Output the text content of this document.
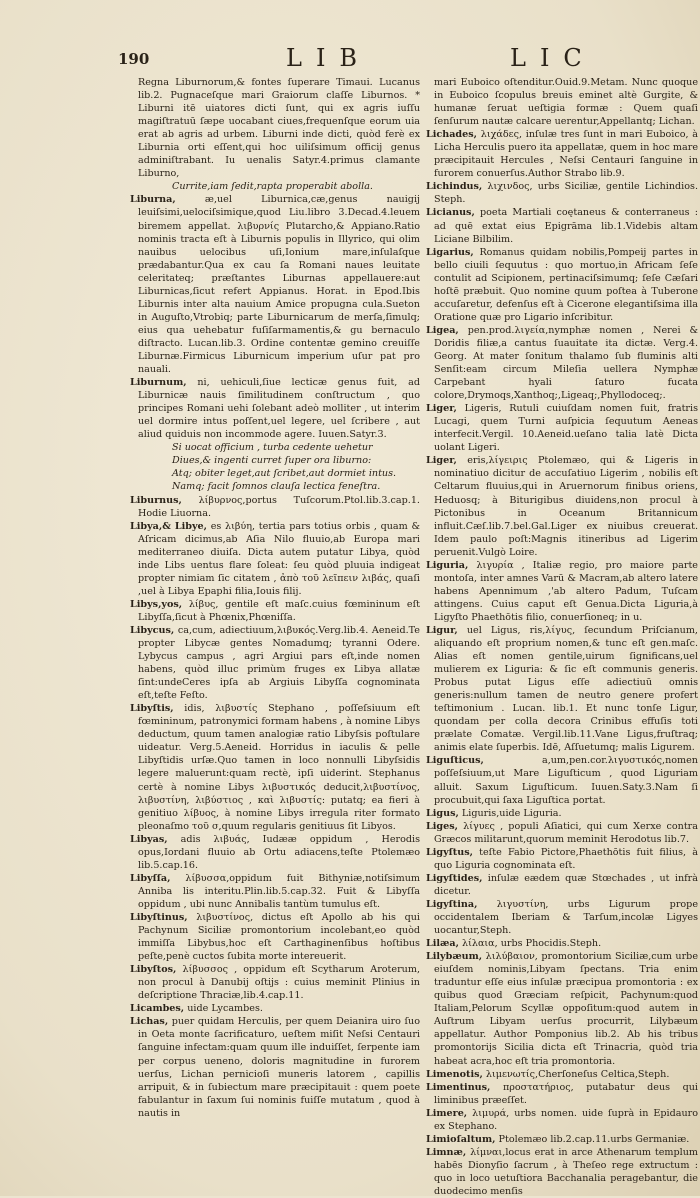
190	LIB	LIC

Regna Liburnorum,& fontes ſuperare Timaui. Lucanus lib.2. Pugnaceſque mari Graiorum claſſe Liburnos. * Liburni itē uiatores dicti ſunt, qui ex agris iuſſu magiſtratuū ſæpe uocabant ciues,frequenſque eorum uia erat ab agris ad urbem. Liburni inde dicti, quòd ferè ex Liburnia orti eſſent,qui hoc uiliſsimum officij genus adminiſtrabant. Iu uenalis Satyr.4.primus clamante Liburno,
Currite,iam ſedit,rapta properabit abolla.

Liburna,	æ,uel Liburnica,cæ,genus nauigij leuiſsimi,uelociſsimique,quod Liu.libro 3.Decad.4.leuem biremem appellat. λιβυρνίς Plutarcho,& Appiano.Ratio nominis tracta eſt à Liburnis populis in Illyrico, qui olim nauibus uelocibus uſi,Ionium mare,inſulaſque prædabantur.Qua ex cau ſa Romani naues leuitate celeritateq; præſtantes Liburnas appellauere:aut Liburnicas,ſicut refert Appianus. Horat. in Epod.Ibis Liburnis inter alta nauium Amice propugna cula.Sueton in Auguſto,Vtrobiq; parte Liburnicarum de merſa,ſimulq; eius qua uehebatur fuſiſarmamentis,& gu bernaculo diſtracto. Lucan.lib.3. Ordine contentæ gemino creuiſſe Liburnæ.Firmicus Liburnicum imperium uſur pat pro nauali.

Liburnum, ni, uehiculi,ſiue lecticæ genus fuit, ad Liburnicæ nauis ſimilitudinem conſtructum , quo principes Romani uehi ſolebant adeò molliter , ut interim uel dormire intus poſſent,uel legere, uel ſcribere , aut aliud quiduis non incommode agere. Iuuen.Satyr.3.
Si uocat officium , turba cedente uehetur
Diues,& ingenti curret ſuper ora liburno:
Atq; obiter leget,aut ſcribet,aut dormiet intus.
Namq; facit ſomnos clauſa lectica feneſtra.

Liburnus, λίβυρνος,portus Tuſcorum.Ptol.lib.3.cap.1. Hodie Liuorna.

Libya,& Libye, es λιβύη, tertia pars totius orbis , quam & Aſricam dicimus,ab Aſia Nilo fluuio,ab Europa mari mediterraneo diuiſa. Dicta autem putatur Libya, quòd inde Libs uentus flare ſoleat: ſeu quòd pluuia indigeat propter nimiam ſic citatem , ἀπὸ τοῦ λεῖπειν λιβάς, quaſi ,uel à Libya Epaphi filia,Iouis filij.

Libys,yos, λίβυς, gentile eſt maſc.cuius fœmininum eſt Libyſſa,ſicut à Phœnix,Phœniſſa.

Libycus, ca,cum, adiectiuum,λιβυκός.Verg.lib.4. Aeneid.Te propter Libycæ gentes Nomadumq; tyranni Odere. Lybycus campus , agri Argiui pars eſt,inde nomen habens, quòd illuc primùm fruges ex Libya allatæ ſint:undeCeres ipſa ab Argiuis Libyſſa cognominata eſt,teſte Feſto.

Libyſtis, idis, λιβυστίς Stephano , poſſeſsiuum eſt fœmininum, patronymici formam habens , à nomine Libys deductum, quum tamen analogiæ ratio Libyſsis poſtulare uideatur. Verg.5.Aeneid. Horridus in iaculis & pelle Libyſtidis urſæ.Quo tamen in loco nonnulli Libyſsidis legere maluerunt:quam rectè, ipſi uiderint. Stephanus certè à nomine Libys λιβυστικός deducit,λιβυστίνος, λιβυστίνη, λιβύστιος , καὶ λιβυστίς: putatq; ea fieri à genitiuo λίβυος, à nomine Libys irregula riter formato pleonaſmo τοῦ σ,quum regularis genitiuus ſit Libyos.

Libyas, adis λιβυάς, Iudææ oppidum , Herodis opus,Iordani fluuio ab Ortu adiacens,teſte Ptolemæo lib.5.cap.16.

Libyſſa, λίβυσσα,oppidum fuit Bithyniæ,notiſsimum Anniba lis interitu.Plin.lib.5.cap.32. Fuit & Libyſſa oppidum , ubi nunc Annibalis tantùm tumulus eſt.

Libyſtinus, λιβυστίνος, dictus eſt Apollo ab his qui Pachynum Siciliæ promontorium incolebant,eo quòd immiſſa Libybus,hoc eſt Carthaginenſibus hoſtibus peſte,penè cuctos ſubita morte intereuerit.

Libyſtos, λίβυσσος , oppidum eſt Scytharum Aroterum, non procul à Danubij oſtijs : cuius meminit Plinius in deſcriptione Thraciæ,lib.4.cap.11.

Licambes, uide Lycambes.

Lichas, puer quidam Herculis, per quem Deianira uiro ſuo in Oeta monte ſacrificaturo, ueſtem miſit Neſsi Centauri ſanguine infectam:quam quum ille induiſſet, ſerpente iam per corpus ueneno, doloris magnitudine in furorem uerſus, Lichan pernicioſi muneris latorem , capillis arripuit, & in ſubiectum mare præcipitauit : quem poete fabulantur in ſaxum ſui nominis fuiſſe mutatum , quod à nautis in

mari Euboico oſtenditur.Ouid.9.Metam. Nunc quoque in Euboico ſcopulus breuis eminet altè Gurgite, & humanæ ſeruat ueſtigia formæ : Quem quaſi ſenſurum nautæ calcare uerentur,Appellantq; Lichan.

Lichades, λιχάδες, inſulæ tres ſunt in mari Euboico, à Licha Herculis puero ita appellatæ, quem in hoc mare præcipitauit Hercules , Neſsi Centauri ſanguine in furorem conuerſus.Author Strabo lib.9.

Lichindus, λιχινδος, urbs Siciliæ, gentile Lichindios. Steph.

Licianus, poeta Martiali coętaneus & conterraneus : ad quē extat eius Epigrāma lib.1.Videbis altam Liciane Bilbilim.

Ligarius, Romanus quidam nobilis,Pompeij partes in bello ciuili ſequutus : quo mortuo,in Africam ſeſe contulit ad Scipionem, pertinaciſsimumq; ſeſe Cæſari hoſtē præbuit. Quo nomine quum poſtea à Tuberone accuſaretur, defenſus eſt à Cicerone elegantiſsima illa Oratione quæ pro Ligario inſcribitur.

Ligea, pen.prod.λιγεία,nymphæ nomen , Nerei & Doridis filiæ,a cantus ſuauitate ita dictæ. Verg.4. Georg. At mater ſonitum thalamo ſub fluminis alti Senſit:eam circum Mileſia uellera Nymphæ Carpebant hyali ſaturo fucata colore,Drymoqs,Xanthoq;,Ligeaq;,Phyllodoceq;.

Liger, Ligeris, Rutuli cuiuſdam nomen fuit, fratris Lucagi, quem Turni auſpicia ſequutum Aeneas interfecit.Vergil. 10.Aeneid.ueſano talia latè Dicta uolant Ligeri.

Liger, eris,λίγειρις Ptolemæo, qui & Ligeris in nominatiuo dicitur de accuſatiuo Ligerim , nobilis eſt Celtarum fluuius,qui in Aruernorum finibus oriens, Heduosq; à Biturigibus diuidens,non procul à Pictonibus in Oceanum Britannicum influit.Cæſ.lib.7.bel.Gal.Liger ex niuibus creuerat. Idem paulo poſt:Magnis itineribus ad Ligerim peruenit.Vulgò Loire.

Liguria, λιγυρία , Italiæ regio, pro maiore parte montoſa, inter amnes Varū & Macram,ab altero latere habens Apennimum ,'ab altero Padum, Tuſcam attingens. Cuius caput eſt Genua.Dicta Liguria,à Ligyſto Phaethōtis filio, conuerſioneq; in u.

Ligur, uel Ligus, ris,λίγυς, ſecundum Priſcianum, aliquando eſt proprium nomen,& tunc eſt gen.maſc. Alias eſt nomen gentile,uirum ſignificans,uel mulierem ex Liguria: & ſic eſt communis generis. Probus putat Ligus eſſe adiectiuū omnis generis:nullum tamen de neutro genere profert teſtimonium . Lucan. lib.1. Et nunc tonſe Ligur, quondam per colla decora Crinibus effuſis toti prælate Comatæ. Vergil.lib.11.Vane Ligus,fruſtraq; animis elate ſuperbis. Idē, Aſſuetumq; malis Ligurem.

Liguſticus,	a,um,pen.cor.λιγυστικός,nomen poſſeſsiuum,ut Mare Liguſticum , quod Liguriam alluit. Saxum Liguſticum. Iuuen.Saty.3.Nam ſi procubuit,qui ſaxa Liguſtica portat.

Ligus, Liguris,uide Liguria.

Liges, λίγυες , populi Aſiatici, qui cum Xerxe contra Græcos militarunt,quorum meminit Herodotus lib.7.

Ligyſtus, teſte Fabio Pictore,Phaethōtis fuit filius, à quo Liguria cognominata eſt.

Ligyſtides, inſulæ eædem quæ Stœchades , ut infrà dicetur.

Ligyſtina, λιγυστίνη, urbs Ligurum prope occidentalem Iberiam & Tarſum,incolæ Ligyes uocantur,Steph.

Lilæa, λίλαια, urbs Phocidis.Steph.

Lilybæum, λιλύβαιον, promontorium Siciliæ,cum urbe eiuſdem nominis,Libyam ſpectans. Tria enim traduntur eſſe eius inſulæ præcipua promontoria : ex quibus quod Græciam reſpicit, Pachynum:quod Italiam,Pelorum Scyllæ oppoſitum:quod autem in Auſtrum Libyam uerſus procurrit, Lilybæum appellatur. Author Pomponius lib.2. Ab his tribus promontorijs Sicilia dicta eſt Trinacria, quòd tria habeat acra,hoc eſt tria promontoria.

Limenotis, λιμενωτίς,Cherſoneſus Celtica,Steph.

Limentinus, προστατήριος, putabatur deus qui liminibus præeſſet.

Limere, λιμυρά, urbs nomen. uide ſuprà in Epidauro ex Stephano.

Limioſaltum, Ptolemæo lib.2.cap.11.urbs Germaniæ.

Limnæ, λίμναι,locus erat in arce Athenarum templum habēs Dionyſio ſacrum , à Theſeo rege extructum : quo in loco uetuſtiora Bacchanalia peragebantur, die duodecimo menſis
